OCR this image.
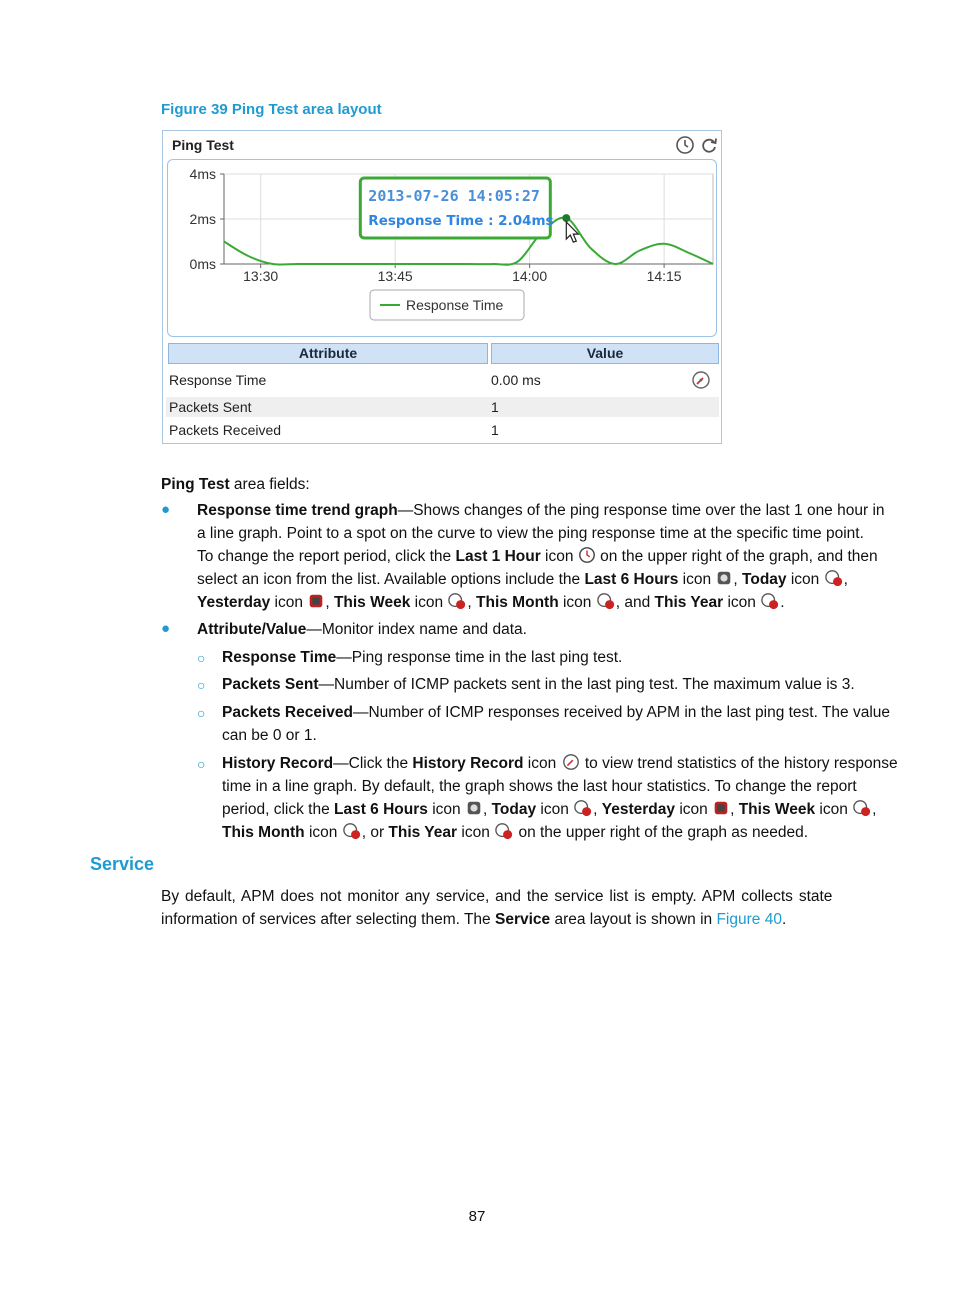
Figure 39 Ping Test area layout
Ping Test
4ms
2ms
0ms
13:30	13:45	14:00	14:15
2013-07-26 14:05:27
Response Time : 2.04ms
Response Time
Attribute	Value
Response Time	0.00 ms
Packets Sent	1
Packets Received	1
Ping Test area fields:
● Response time trend graph—Shows changes of the ping response time over the last 1 one hour in
a line graph. Point to a spot on the curve to view the ping response time at the specific time point.
To change the report period, click the Last 1 Hour icon  on the upper right of the graph, and then
select an icon from the list. Available options include the Last 6 Hours icon , Today icon ,
Yesterday icon , This Week icon , This Month icon , and This Year icon .
● Attribute/Value—Monitor index name and data.
○ Response Time—Ping response time in the last ping test.
○ Packets Sent—Number of ICMP packets sent in the last ping test. The maximum value is 3.
○ Packets Received—Number of ICMP responses received by APM in the last ping test. The value
can be 0 or 1.
○ History Record—Click the History Record icon  to view trend statistics of the history response
time in a line graph. By default, the graph shows the last hour statistics. To change the report
period, click the Last 6 Hours icon , Today icon , Yesterday icon , This Week icon ,
This Month icon , or This Year icon  on the upper right of the graph as needed.
Service
By default, APM does not monitor any service, and the service list is empty. APM collects state
information of services after selecting them. The Service area layout is shown in Figure 40.
87
